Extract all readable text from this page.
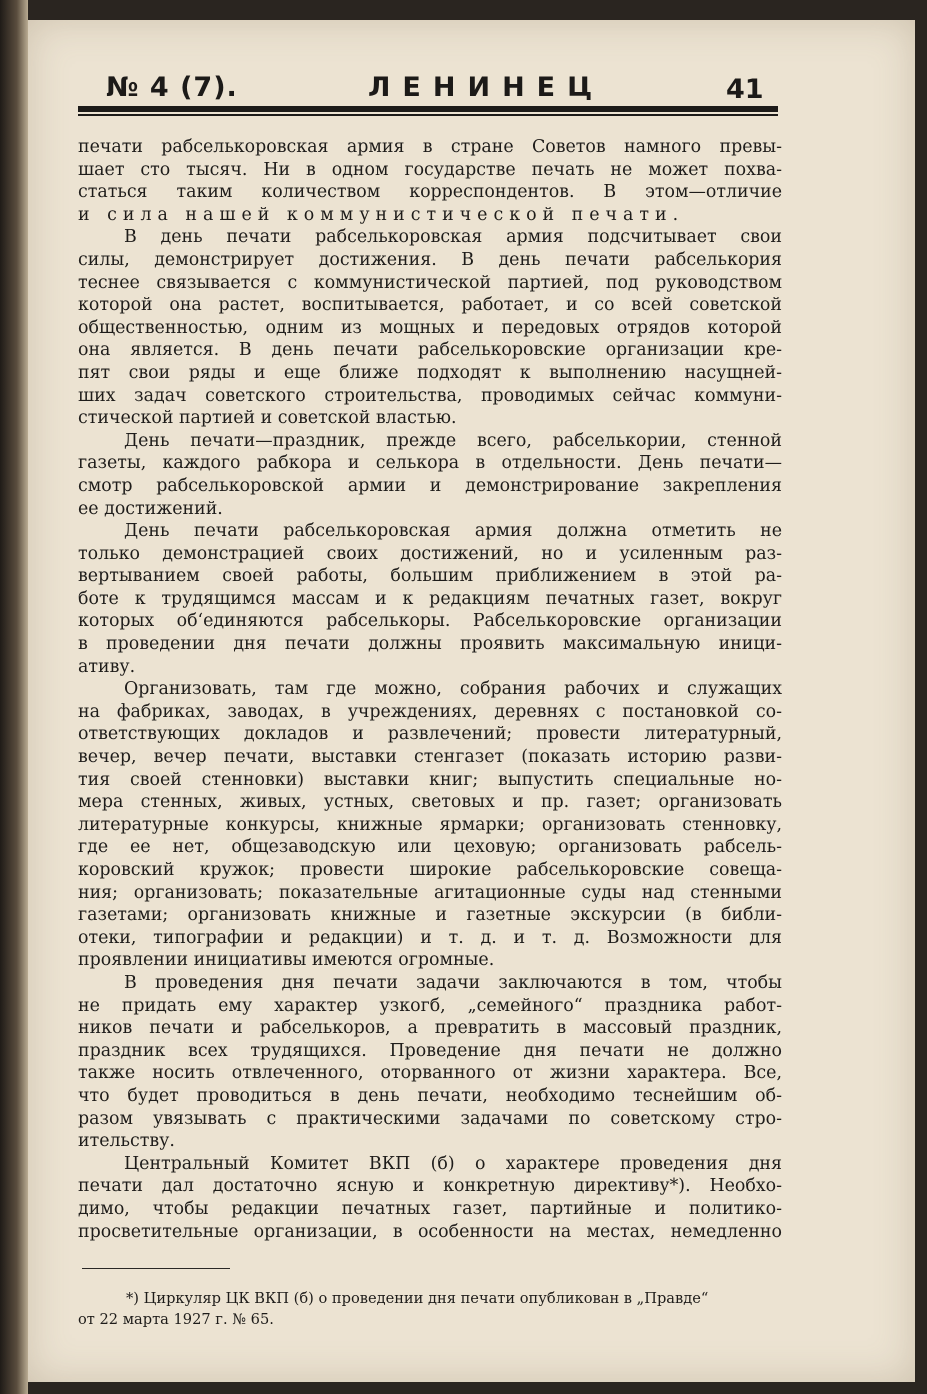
№ 4 (7).	ЛЕНИНЕЦ	41
печати рабселькоровская армия в стране Советов намного превы-
шает сто тысяч. Ни в одном государстве печать не может похва-
статься таким количеством корреспондентов. В этом—отличие
и сила нашей коммунистической печати.
В день печати рабселькоровская армия подсчитывает свои
силы, демонстрирует достижения. В день печати рабселькория
теснее связывается с коммунистической партией, под руководством
которой она растет, воспитывается, работает, и со всей советской
общественностью, одним из мощных и передовых отрядов которой
она является. В день печати рабселькоровские организации кре-
пят свои ряды и еще ближе подходят к выполнению насущней-
ших задач советского строительства, проводимых сейчас коммуни-
стической партией и советской властью.
День печати—праздник, прежде всего, рабселькории, стенной
газеты, каждого рабкора и селькора в отдельности. День печати—
смотр рабселькоровской армии и демонстрирование закрепления
ее достижений.
День печати рабселькоровская армия должна отметить не
только демонстрацией своих достижений, но и усиленным раз-
вертыванием своей работы, большим приближением в этой ра-
боте к трудящимся массам и к редакциям печатных газет, вокруг
которых об‘единяются рабселькоры. Рабселькоровские организации
в проведении дня печати должны проявить максимальную иници-
ативу.
Организовать, там где можно, собрания рабочих и служащих
на фабриках, заводах, в учреждениях, деревнях с постановкой со-
ответствующих докладов и развлечений; провести литературный,
вечер, вечер печати, выставки стенгазет (показать историю разви-
тия своей стенновки) выставки книг; выпустить специальные но-
мера стенных, живых, устных, световых и пр. газет; организовать
литературные конкурсы, книжные ярмарки; организовать стенновку,
где ее нет, общезаводскую или цеховую; организовать рабсель-
коровский кружок; провести широкие рабселькоровские совеща-
ния; организовать; показательные агитационные суды над стенными
газетами; организовать книжные и газетные экскурсии (в библи-
отеки, типографии и редакции) и т. д. и т. д. Возможности для
проявлении инициативы имеются огромные.
В проведения дня печати задачи заключаются в том, чтобы
не придать ему характер узкогб, „семейного“ праздника работ-
ников печати и рабселькоров, а превратить в массовый праздник,
праздник всех трудящихся. Проведение дня печати не должно
также носить отвлеченного, оторванного от жизни характера. Все,
что будет проводиться в день печати, необходимо теснейшим об-
разом увязывать с практическими задачами по советскому стро-
ительству.
Центральный Комитет ВКП (б) о характере проведения дня
печати дал достаточно ясную и конкретную директиву*). Необхо-
димо, чтобы редакции печатных газет, партийные и политико-
просветительные организации, в особенности на местах, немедленно
*) Циркуляр ЦК ВКП (б) о проведении дня печати опубликован в „Правде“
от 22 марта 1927 г. № 65.
